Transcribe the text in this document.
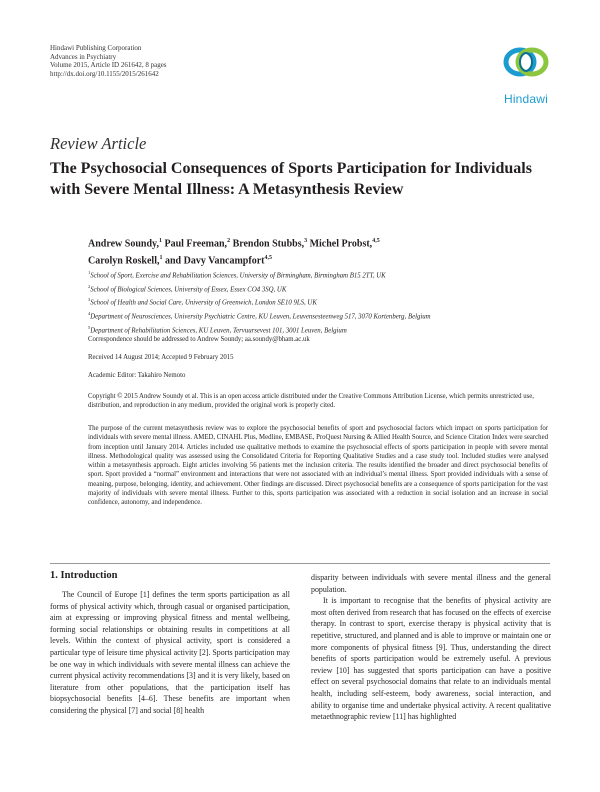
Hindawi Publishing Corporation
Advances in Psychiatry
Volume 2015, Article ID 261642, 8 pages
http://dx.doi.org/10.1155/2015/261642
Hindawi
Review Article
The Psychosocial Consequences of Sports Participation for Individuals with Severe Mental Illness: A Metasynthesis Review
Andrew Soundy,$^1$ Paul Freeman,$^2$ Brendon Stubbs,$^3$ Michel Probst,$^{4,5}$
Carolyn Roskell,$^1$ and Davy Vancampfort$^{4,5}$
$^1$School of Sport, Exercise and Rehabilitation Sciences, University of Birmingham, Birmingham B15 2TT, UK
$^2$School of Biological Sciences, University of Essex, Essex CO4 3SQ, UK
$^3$School of Health and Social Care, University of Greenwich, London SE10 9LS, UK
$^4$Department of Neurosciences, University Psychiatric Centre, KU Leuven, Leuvensesteenweg 517, 3070 Kortenberg, Belgium
$^5$Department of Rehabilitation Sciences, KU Leuven, Tervuursevest 101, 3001 Leuven, Belgium
Correspondence should be addressed to Andrew Soundy; aa.soundy@bham.ac.uk
Received 14 August 2014; Accepted 9 February 2015
Academic Editor: Takahiro Nemoto
Copyright © 2015 Andrew Soundy et al. This is an open access article distributed under the Creative Commons Attribution License, which permits unrestricted use, distribution, and reproduction in any medium, provided the original work is properly cited.
The purpose of the current metasynthesis review was to explore the psychosocial benefits of sport and psychosocial factors which impact on sports participation for individuals with severe mental illness. AMED, CINAHL Plus, Medline, EMBASE, ProQuest Nursing & Allied Health Source, and Science Citation Index were searched from inception until January 2014. Articles included use qualitative methods to examine the psychosocial effects of sports participation in people with severe mental illness. Methodological quality was assessed using the Consolidated Criteria for Reporting Qualitative Studies and a case study tool. Included studies were analysed within a metasynthesis approach. Eight articles involving 56 patients met the inclusion criteria. The results identified the broader and direct psychosocial benefits of sport. Sport provided a “normal” environment and interactions that were not associated with an individual’s mental illness. Sport provided individuals with a sense of meaning, purpose, belonging, identity, and achievement. Other findings are discussed. Direct psychosocial benefits are a consequence of sports participation for the vast majority of individuals with severe mental illness. Further to this, sports participation was associated with a reduction in social isolation and an increase in social confidence, autonomy, and independence.
1. Introduction

The Council of Europe [1] defines the term sports participation as all forms of physical activity which, through casual or organised participation, aim at expressing or improving physical fitness and mental wellbeing, forming social relationships or obtaining results in competitions at all levels. Within the context of physical activity, sport is considered a particular type of leisure time physical activity [2]. Sports participation may be one way in which individuals with severe mental illness can achieve the current physical activity recommendations [3] and it is very likely, based on literature from other populations, that the participation itself has biopsychosocial benefits [4–6]. These benefits are important when considering the physical [7] and social [8] health

disparity between individuals with severe mental illness and the general population.

It is important to recognise that the benefits of physical activity are most often derived from research that has focused on the effects of exercise therapy. In contrast to sport, exercise therapy is physical activity that is repetitive, structured, and planned and is able to improve or maintain one or more components of physical fitness [9]. Thus, understanding the direct benefits of sports participation would be extremely useful. A previous review [10] has suggested that sports participation can have a positive effect on several psychosocial domains that relate to an individuals mental health, including self-esteem, body awareness, social interaction, and ability to organise time and undertake physical activity. A recent qualitative metaethnographic review [11] has highlighted
